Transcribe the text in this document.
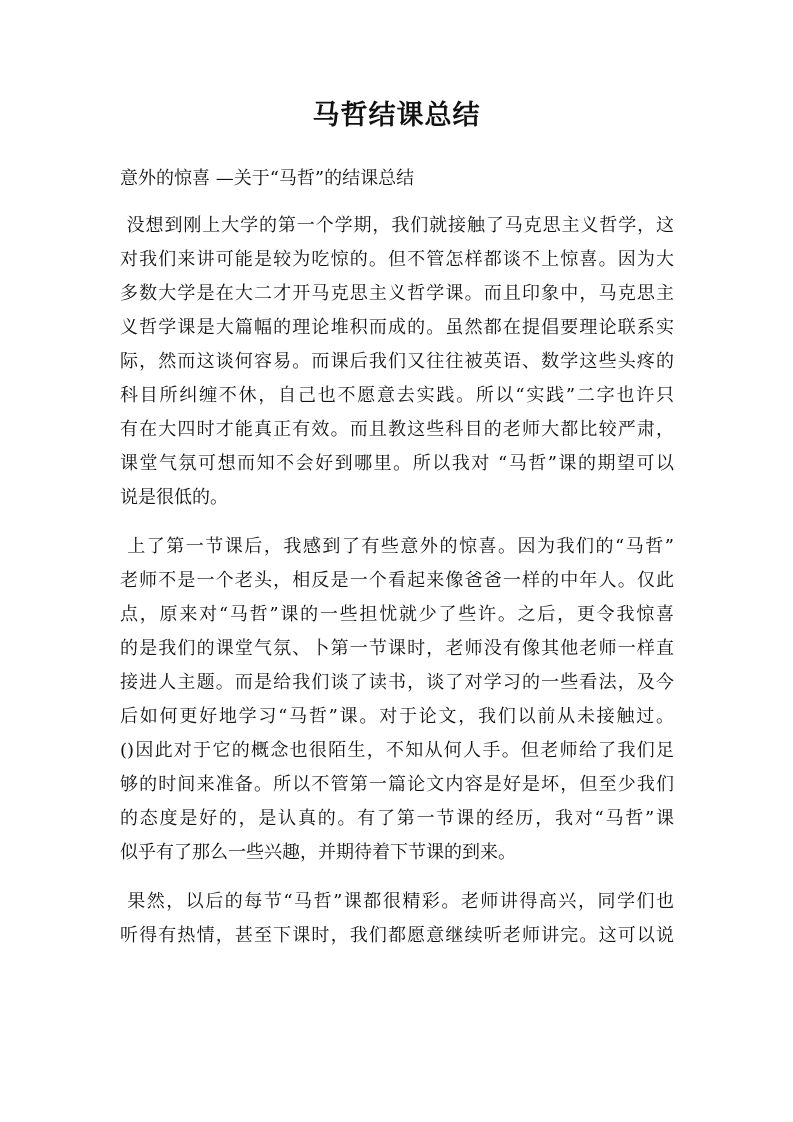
马哲结课总结
意外的惊喜 —关于“马哲”的结课总结
没想到刚上大学的第一个学期，我们就接触了马克思主义哲学，这
对我们来讲可能是较为吃惊的。但不管怎样都谈不上惊喜。因为大
多数大学是在大二才开马克思主义哲学课。而且印象中，马克思主
义哲学课是大篇幅的理论堆积而成的。虽然都在提倡要理论联系实
际，然而这谈何容易。而课后我们又往往被英语、数学这些头疼的
科目所纠缠不休，自己也不愿意去实践。所以“实践”二字也许只
有在大四时才能真正有效。而且教这些科目的老师大都比较严肃，
课堂气氛可想而知不会好到哪里。所以我对 “马哲”课的期望可以
说是很低的。
上了第一节课后，我感到了有些意外的惊喜。因为我们的“马哲”
老师不是一个老头，相反是一个看起来像爸爸一样的中年人。仅此
点，原来对“马哲”课的一些担忧就少了些许。之后，更令我惊喜
的是我们的课堂气氛、卜第一节课时，老师没有像其他老师一样直
接进人主题。而是给我们谈了读书，谈了对学习的一些看法，及今
后如何更好地学习“马哲”课。对于论文，我们以前从未接触过。
()因此对于它的概念也很陌生，不知从何人手。但老师给了我们足
够的时间来准备。所以不管第一篇论文内容是好是坏，但至少我们
的态度是好的，是认真的。有了第一节课的经历，我对“马哲”课
似乎有了那么一些兴趣，并期待着下节课的到来。
果然，以后的每节“马哲”课都很精彩。老师讲得高兴，同学们也
听得有热情，甚至下课时，我们都愿意继续听老师讲完。这可以说
